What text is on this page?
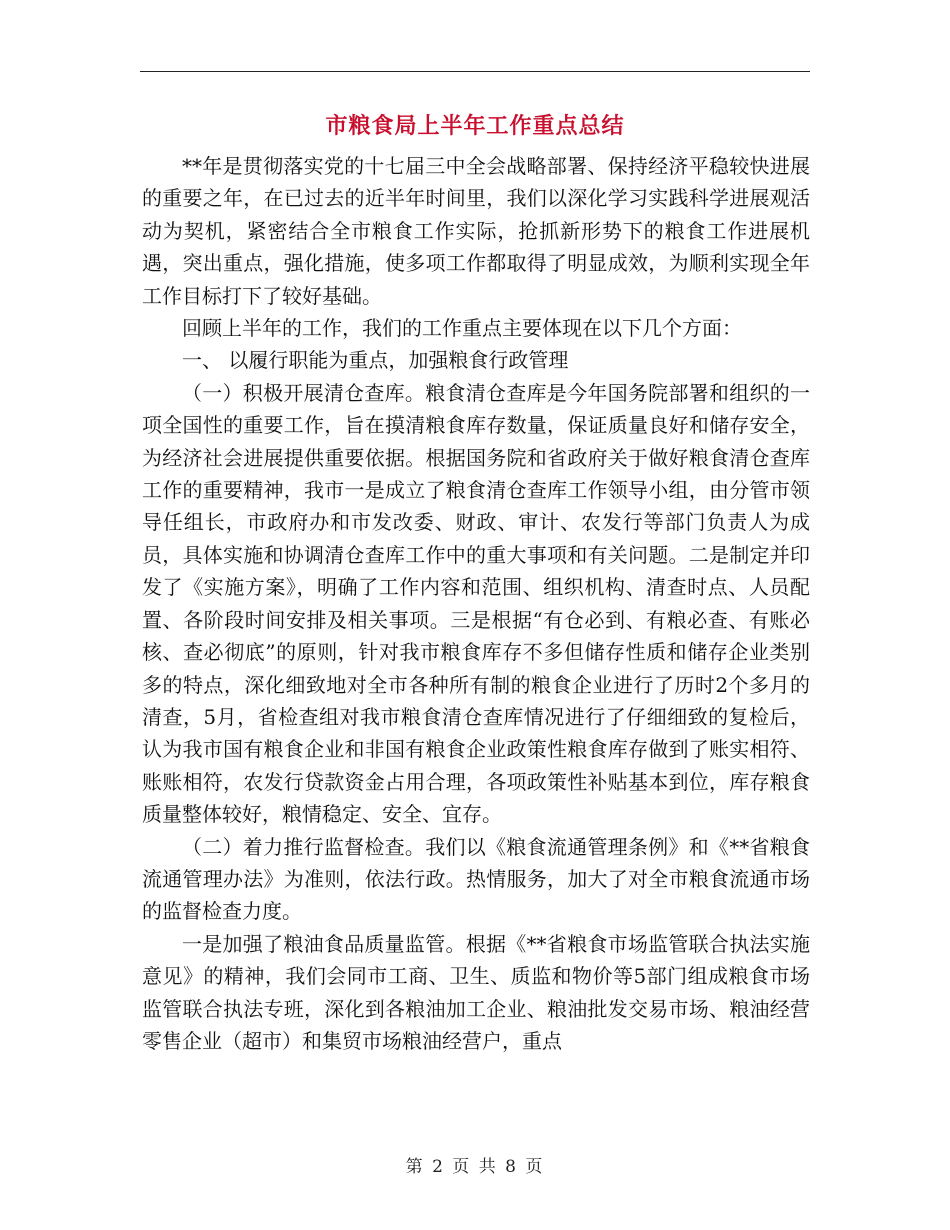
市粮食局上半年工作重点总结

**年是贯彻落实党的十七届三中全会战略部署、保持经济平稳较快进展的重要之年，在已过去的近半年时间里，我们以深化学习实践科学进展观活动为契机，紧密结合全市粮食工作实际，抢抓新形势下的粮食工作进展机遇，突出重点，强化措施，使多项工作都取得了明显成效，为顺利实现全年工作目标打下了较好基础。

回顾上半年的工作，我们的工作重点主要体现在以下几个方面：

一、 以履行职能为重点，加强粮食行政管理

（一）积极开展清仓查库。粮食清仓查库是今年国务院部署和组织的一项全国性的重要工作，旨在摸清粮食库存数量，保证质量良好和储存安全，为经济社会进展提供重要依据。根据国务院和省政府关于做好粮食清仓查库工作的重要精神，我市一是成立了粮食清仓查库工作领导小组，由分管市领导任组长，市政府办和市发改委、财政、审计、农发行等部门负责人为成员，具体实施和协调清仓查库工作中的重大事项和有关问题。二是制定并印发了《实施方案》，明确了工作内容和范围、组织机构、清查时点、人员配置、各阶段时间安排及相关事项。三是根据“有仓必到、有粮必查、有账必核、查必彻底”的原则，针对我市粮食库存不多但储存性质和储存企业类别多的特点，深化细致地对全市各种所有制的粮食企业进行了历时2个多月的清查，5月，省检查组对我市粮食清仓查库情况进行了仔细细致的复检后，认为我市国有粮食企业和非国有粮食企业政策性粮食库存做到了账实相符、账账相符，农发行贷款资金占用合理，各项政策性补贴基本到位，库存粮食质量整体较好，粮情稳定、安全、宜存。

（二）着力推行监督检查。我们以《粮食流通管理条例》和《**省粮食流通管理办法》为准则，依法行政。热情服务，加大了对全市粮食流通市场的监督检查力度。

一是加强了粮油食品质量监管。根据《**省粮食市场监管联合执法实施意见》的精神，我们会同市工商、卫生、质监和物价等5部门组成粮食市场监管联合执法专班，深化到各粮油加工企业、粮油批发交易市场、粮油经营零售企业（超市）和集贸市场粮油经营户，重点

第 2 页 共 8 页
